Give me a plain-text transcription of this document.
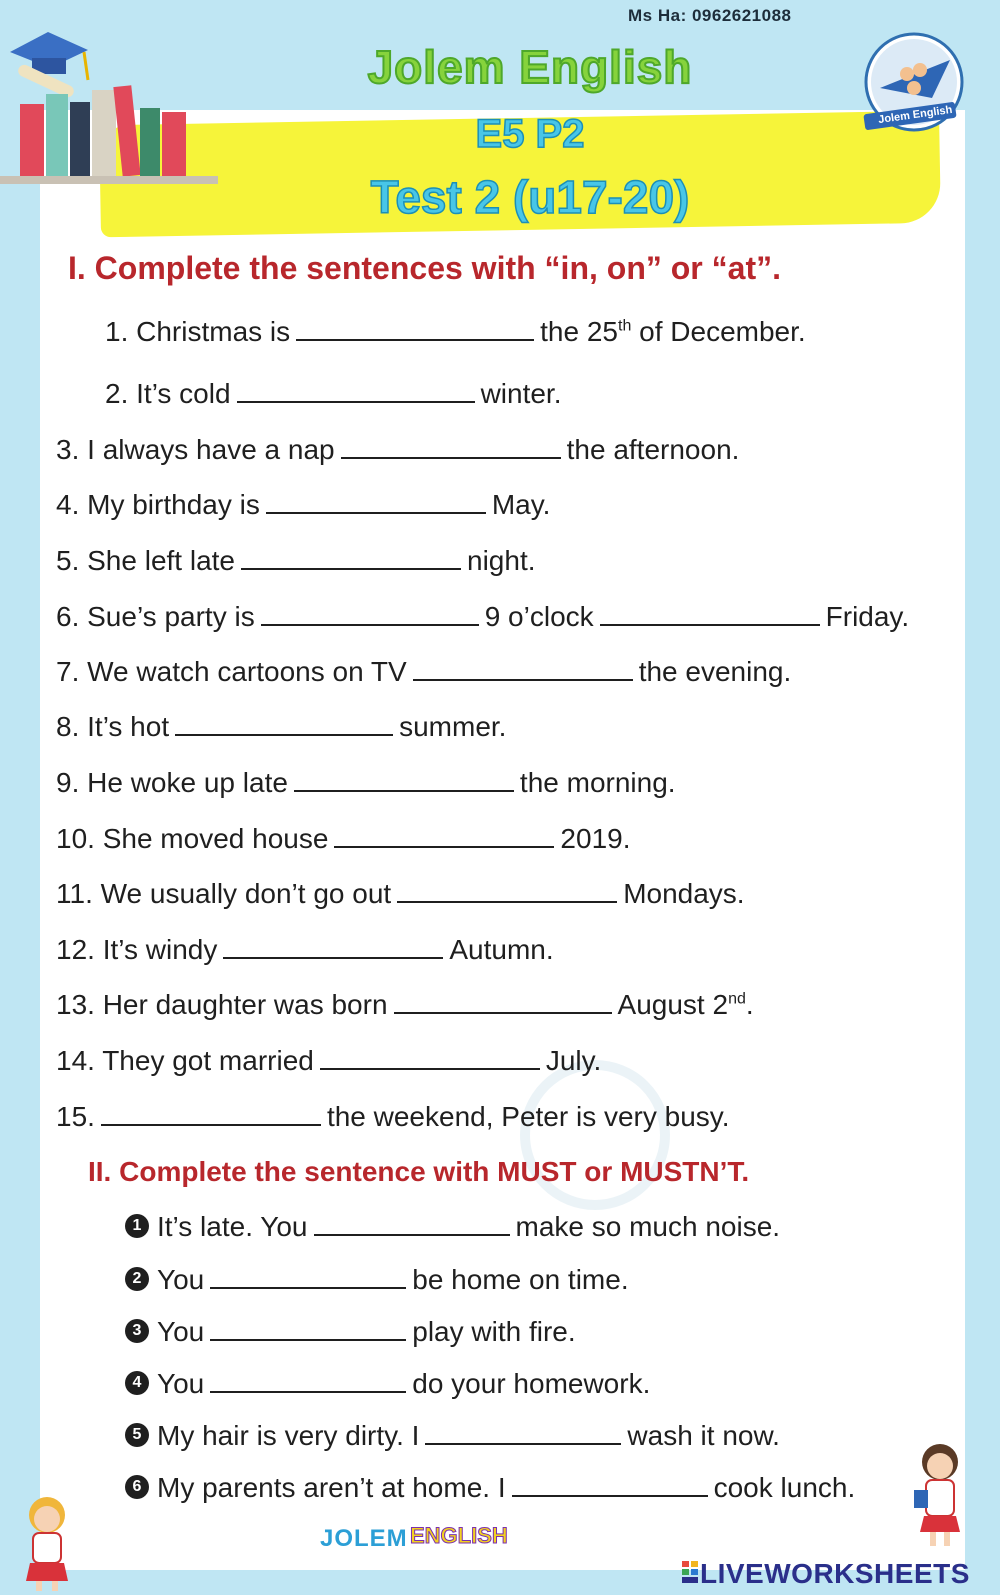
Jolem English
Ms Ha: 0962621088
Jolem English
E5 P2
Test 2 (u17-20)
I. Complete the sentences with “in, on” or “at”.
1. Christmas is	the 25th of December.
2. It’s cold	winter.
3. I always have a nap	the afternoon.
4. My birthday is	May.
5. She left late	night.
6. Sue’s party is	9 o’clock	Friday.
7. We watch cartoons on TV	the evening.
8. It’s hot	summer.
9. He woke up late	the morning.
10. She moved house	2019.
11. We usually don’t go out	Mondays.
12. It’s windy	Autumn.
13. Her daughter was born	August 2nd.
14. They got married	July.
15.	the weekend, Peter is very busy.
II. Complete the sentence with MUST or MUSTN’T.
1 It’s late. You	make so much noise.
2 You	be home on time.
3 You	play with fire.
4 You	do your homework.
5 My hair is very dirty. I	wash it now.
6 My parents aren’t at home. I	cook lunch.
JOLEM ENGLISH
LIVEWORKSHEETS
